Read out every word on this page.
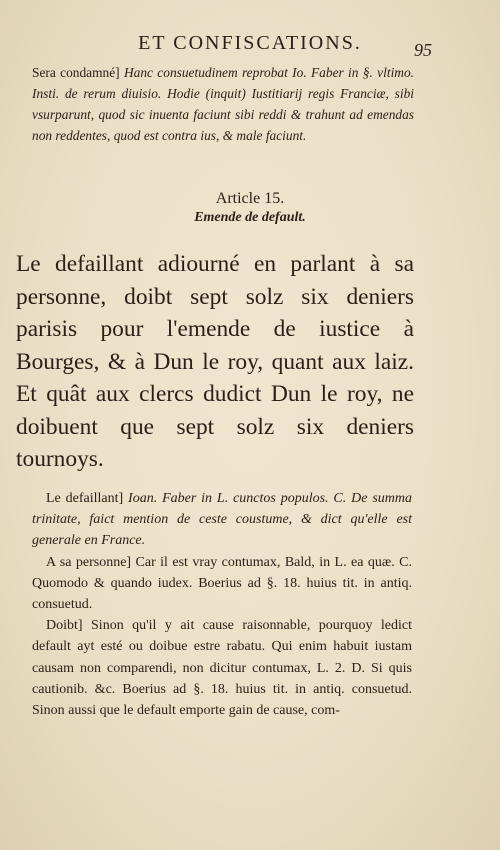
ET CONFISCATIONS.	95
Sera condamné] Hanc consuetudinem reprobat Io. Faber in §. vltimo. Insti. de rerum diuisio. Hodie (inquit) Iustitiarij regis Franciæ, sibi vsurparunt, quod sic inuenta faciunt sibi reddi & trahunt ad emendas non reddentes, quod est contra ius, & male faciunt.
Article 15.
Emende de default.

Le defaillant adiourné en parlant à sa personne, doibt sept solz six deniers parisis pour l'emende de iustice à Bourges, & à Dun le roy, quant aux laiz. Et quât aux clercs dudict Dun le roy, ne doibuent que sept solz six deniers tournoys.

Le defaillant] Ioan. Faber in L. cunctos populos. C. De summa trinitate, faict mention de ceste coustume, & dict qu'elle est generale en France.

A sa personne] Car il est vray contumax, Bald, in L. ea quæ. C. Quomodo & quando iudex. Boerius ad §. 18. huius tit. in antiq. consuetud.

Doibt] Sinon qu'il y ait cause raisonnable, pourquoy ledict default ayt esté ou doibue estre rabatu. Qui enim habuit iustam causam non comparendi, non dicitur contumax, L. 2. D. Si quis cautionib. &c. Boerius ad §. 18. huius tit. in antiq. consuetud. Sinon aussi que le default emporte gain de cause, com-
